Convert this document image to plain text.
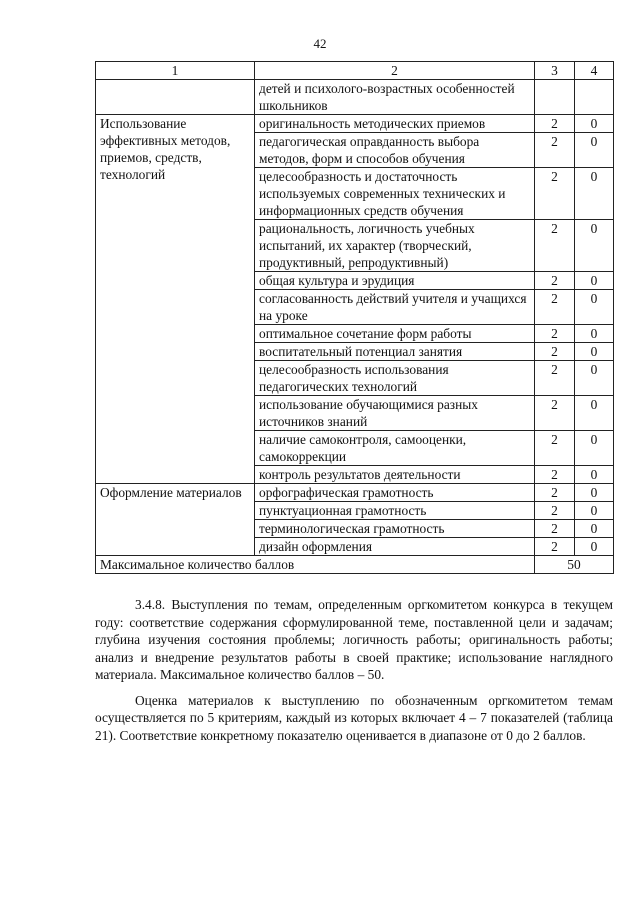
42
1	2	3	4
	детей и психолого-возрастных особенностей школьников		
Использование эффективных методов, приемов, средств, технологий	оригинальность методических приемов	2	0
	педагогическая оправданность выбора методов, форм и способов обучения	2	0
	целесообразность и достаточность используемых современных технических и информационных средств обучения	2	0
	рациональность, логичность учебных испытаний, их характер (творческий, продуктивный, репродуктивный)	2	0
	общая культура и эрудиция	2	0
	согласованность действий учителя и учащихся на уроке	2	0
	оптимальное сочетание форм работы	2	0
	воспитательный потенциал занятия	2	0
	целесообразность использования педагогических технологий	2	0
	использование обучающимися разных источников знаний	2	0
	наличие самоконтроля, самооценки, самокоррекции	2	0
	контроль результатов деятельности	2	0
Оформление материалов	орфографическая грамотность	2	0
	пунктуационная грамотность	2	0
	терминологическая грамотность	2	0
	дизайн оформления	2	0
Максимальное количество баллов		50	

3.4.8. Выступления по темам, определенным оргкомитетом конкурса в текущем году: соответствие содержания сформулированной теме, поставленной цели и задачам; глубина изучения состояния проблемы; логичность работы; оригинальность работы; анализ и внедрение результатов работы в своей практике; использование наглядного материала. Максимальное количество баллов – 50.

Оценка материалов к выступлению по обозначенным оргкомитетом темам осуществляется по 5 критериям, каждый из которых включает 4 – 7 показателей (таблица 21). Соответствие конкретному показателю оценивается в диапазоне от 0 до 2 баллов.
